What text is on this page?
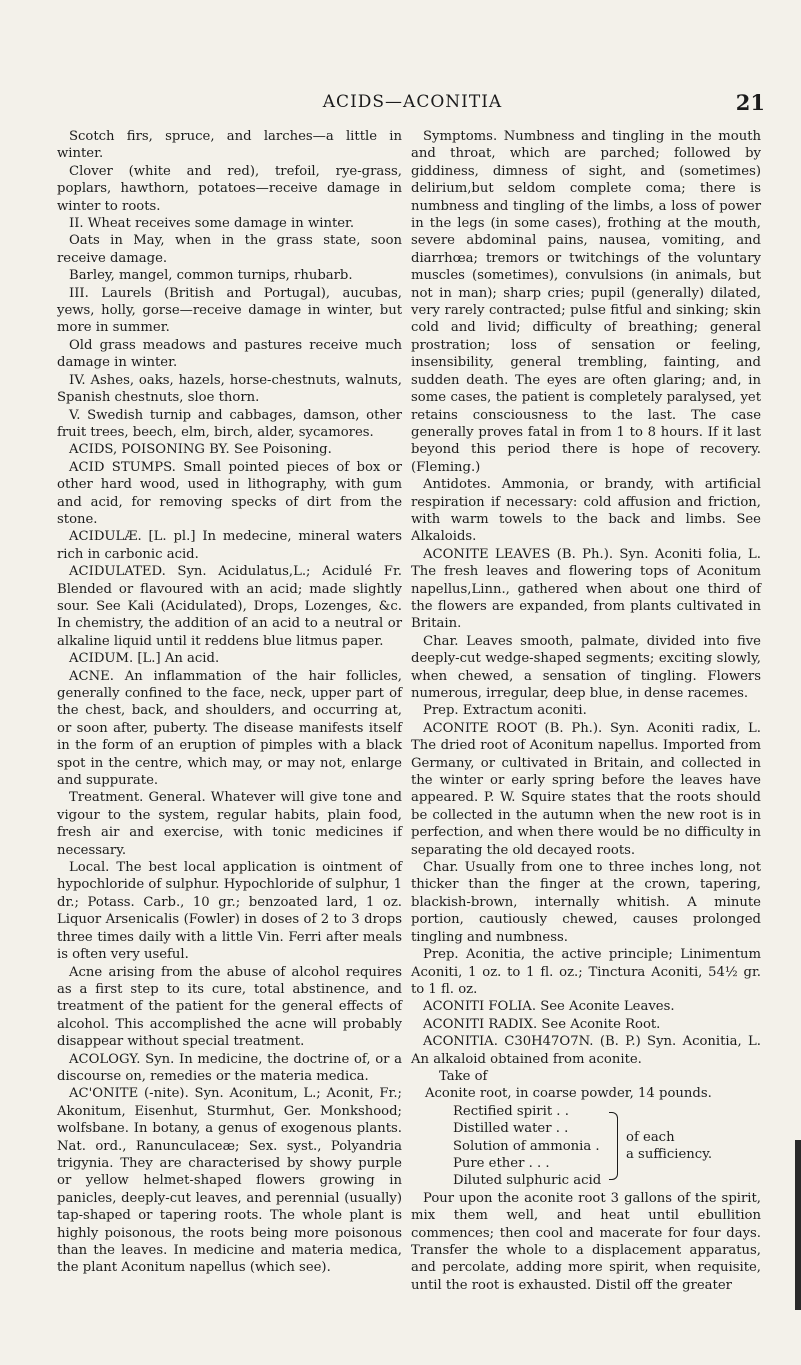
ACIDS—ACONITIA	21

Scotch firs, spruce, and larches—a little in winter.

Clover (white and red), trefoil, rye-grass, poplars, hawthorn, potatoes—receive damage in winter to roots.

II. Wheat receives some damage in winter.

Oats in May, when in the grass state, soon receive damage.

Barley, mangel, common turnips, rhubarb.

III. Laurels (British and Portugal), aucubas, yews, holly, gorse—receive damage in winter, but more in summer.

Old grass meadows and pastures receive much damage in winter.

IV. Ashes, oaks, hazels, horse-chestnuts, walnuts, Spanish chestnuts, sloe thorn.

V. Swedish turnip and cabbages, damson, other fruit trees, beech, elm, birch, alder, sycamores.

ACIDS, POISONING BY. See Poisoning.

ACID STUMPS. Small pointed pieces of box or other hard wood, used in lithography, with gum and acid, for removing specks of dirt from the stone.

ACIDULÆ. [L. pl.] In medecine, mineral waters rich in carbonic acid.

ACIDULATED. Syn. Acidulatus,L.; Acidulé Fr. Blended or flavoured with an acid; made slightly sour. See Kali (Acidulated), Drops, Lozenges, &c. In chemistry, the addition of an acid to a neutral or alkaline liquid until it reddens blue litmus paper.

ACIDUM. [L.] An acid.

ACNE. An inflammation of the hair follicles, generally confined to the face, neck, upper part of the chest, back, and shoulders, and occurring at, or soon after, puberty. The disease manifests itself in the form of an eruption of pimples with a black spot in the centre, which may, or may not, enlarge and suppurate.

Treatment. General. Whatever will give tone and vigour to the system, regular habits, plain food, fresh air and exercise, with tonic medicines if necessary.

Local. The best local application is ointment of hypochloride of sulphur. Hypochloride of sulphur, 1 dr.; Potass. Carb., 10 gr.; benzoated lard, 1 oz. Liquor Arsenicalis (Fowler) in doses of 2 to 3 drops three times daily with a little Vin. Ferri after meals is often very useful.

Acne arising from the abuse of alcohol requires as a first step to its cure, total abstinence, and treatment of the patient for the general effects of alcohol. This accomplished the acne will probably disappear without special treatment.

ACOLOGY. Syn. In medicine, the doctrine of, or a discourse on, remedies or the materia medica.

AC'ONITE (-nite). Syn. Aconitum, L.; Aconit, Fr.; Akonitum, Eisenhut, Sturmhut, Ger. Monkshood; wolfsbane. In botany, a genus of exogenous plants. Nat. ord., Ranunculaceæ; Sex. syst., Polyandria trigynia. They are characterised by showy purple or yellow helmet-shaped flowers growing in panicles, deeply-cut leaves, and perennial (usually) tap-shaped or tapering roots. The whole plant is highly poisonous, the roots being more poisonous than the leaves. In medicine and materia medica, the plant Aconitum napellus (which see).

Symptoms. Numbness and tingling in the mouth and throat, which are parched; followed by giddiness, dimness of sight, and (sometimes) delirium,but seldom complete coma; there is numbness and tingling of the limbs, a loss of power in the legs (in some cases), frothing at the mouth, severe abdominal pains, nausea, vomiting, and diarrhœa; tremors or twitchings of the voluntary muscles (sometimes), convulsions (in animals, but not in man); sharp cries; pupil (generally) dilated, very rarely contracted; pulse fitful and sinking; skin cold and livid; difficulty of breathing; general prostration; loss of sensation or feeling, insensibility, general trembling, fainting, and sudden death. The eyes are often glaring; and, in some cases, the patient is completely paralysed, yet retains consciousness to the last. The case generally proves fatal in from 1 to 8 hours. If it last beyond this period there is hope of recovery. (Fleming.)

Antidotes. Ammonia, or brandy, with artificial respiration if necessary: cold affusion and friction, with warm towels to the back and limbs. See Alkaloids.

ACONITE LEAVES (B. Ph.). Syn. Aconiti folia, L. The fresh leaves and flowering tops of Aconitum napellus,Linn., gathered when about one third of the flowers are expanded, from plants cultivated in Britain.

Char. Leaves smooth, palmate, divided into five deeply-cut wedge-shaped segments; exciting slowly, when chewed, a sensation of tingling. Flowers numerous, irregular, deep blue, in dense racemes.

Prep. Extractum aconiti.

ACONITE ROOT (B. Ph.). Syn. Aconiti radix, L. The dried root of Aconitum napellus. Imported from Germany, or cultivated in Britain, and collected in the winter or early spring before the leaves have appeared. P. W. Squire states that the roots should be collected in the autumn when the new root is in perfection, and when there would be no difficulty in separating the old decayed roots.

Char. Usually from one to three inches long, not thicker than the finger at the crown, tapering, blackish-brown, internally whitish. A minute portion, cautiously chewed, causes prolonged tingling and numbness.

Prep. Aconitia, the active principle; Linimentum Aconiti, 1 oz. to 1 fl. oz.; Tinctura Aconiti, 54½ gr. to 1 fl. oz.

ACONITI FOLIA. See Aconite Leaves.

ACONITI RADIX. See Aconite Root.

ACONITIA. C30H47O7N. (B. P.) Syn. Aconitia, L. An alkaloid obtained from aconite.

Take of

Aconite root, in coarse powder, 14 pounds.
Rectified spirit . .
Distilled water . .
Solution of ammonia .
Pure ether . . .
Diluted sulphuric acid
of each
a sufficiency.

Pour upon the aconite root 3 gallons of the spirit, mix them well, and heat until ebullition commences; then cool and macerate for four days. Transfer the whole to a displacement apparatus, and percolate, adding more spirit, when requisite, until the root is exhausted. Distil off the greater
